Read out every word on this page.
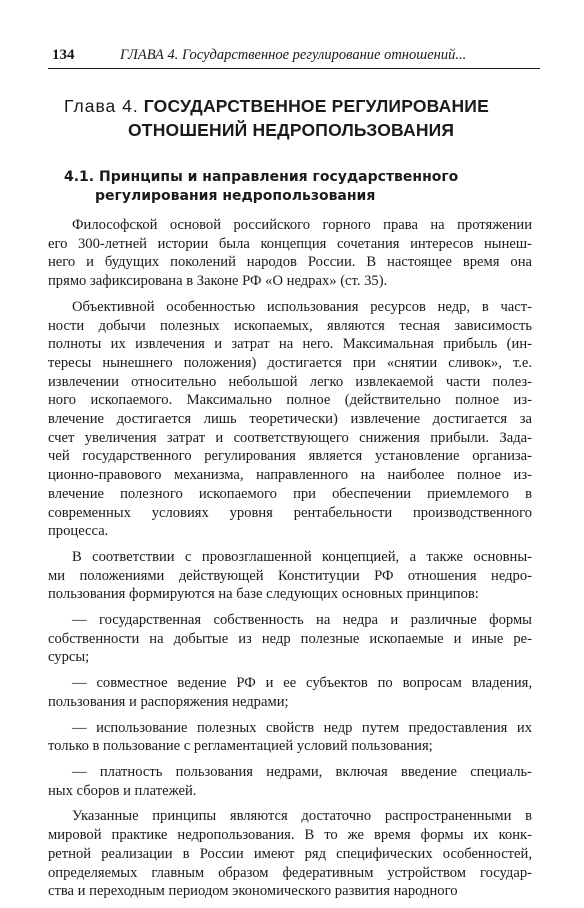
134	ГЛАВА 4. Государственное регулирование отношений...
Глава 4. ГОСУДАРСТВЕННОЕ РЕГУЛИРОВАНИЕ
ОТНОШЕНИЙ НЕДРОПОЛЬЗОВАНИЯ
4.1. Принципы и направления государственного
регулирования недропользования
Философской основой российского горного права на протяжении
его 300-летней истории была концепция сочетания интересов нынеш-
него и будущих поколений народов России. В настоящее время она
прямо зафиксирована в Законе РФ «О недрах» (ст. 35).
Объективной особенностью использования ресурсов недр, в част-
ности добычи полезных ископаемых, являются тесная зависимость
полноты их извлечения и затрат на него. Максимальная прибыль (ин-
тересы нынешнего положения) достигается при «снятии сливок», т.е.
извлечении относительно небольшой легко извлекаемой части полез-
ного ископаемого. Максимально полное (действительно полное из-
влечение достигается лишь теоретически) извлечение достигается за
счет увеличения затрат и соответствующего снижения прибыли. Зада-
чей государственного регулирования является установление организа-
ционно-правового механизма, направленного на наиболее полное из-
влечение полезного ископаемого при обеспечении приемлемого в
современных условиях уровня рентабельности производственного
процесса.
В соответствии с провозглашенной концепцией, а также основны-
ми положениями действующей Конституции РФ отношения недро-
пользования формируются на базе следующих основных принципов:
— государственная собственность на недра и различные формы
собственности на добытые из недр полезные ископаемые и иные ре-
сурсы;
— совместное ведение РФ и ее субъектов по вопросам владения,
пользования и распоряжения недрами;
— использование полезных свойств недр путем предоставления их
только в пользование с регламентацией условий пользования;
— платность пользования недрами, включая введение специаль-
ных сборов и платежей.
Указанные принципы являются достаточно распространенными в
мировой практике недропользования. В то же время формы их конк-
ретной реализации в России имеют ряд специфических особенностей,
определяемых главным образом федеративным устройством государ-
ства и переходным периодом экономического развития народного
